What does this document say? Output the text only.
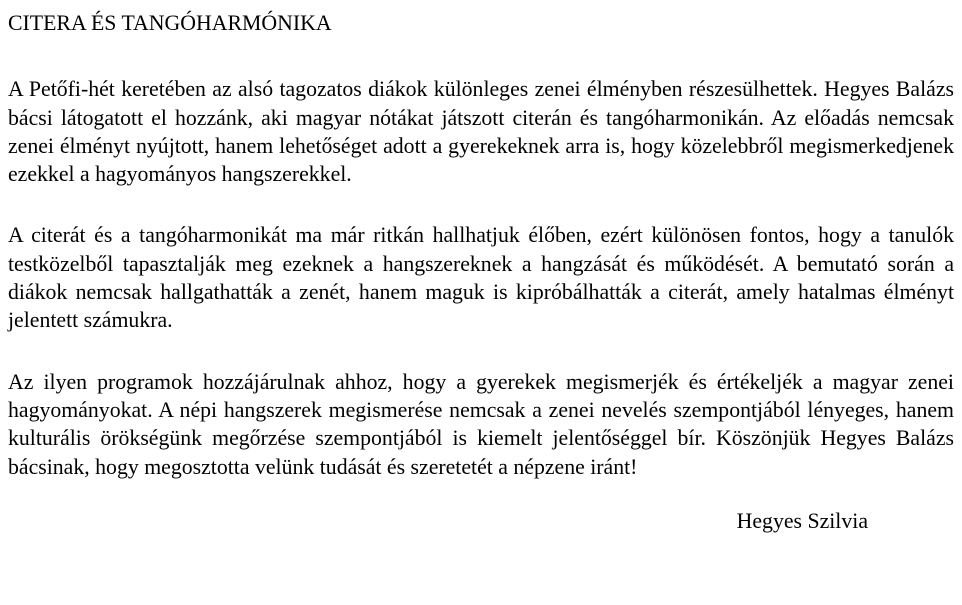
CITERA ÉS TANGÓHARMÓNIKA

A Petőfi-hét keretében az alsó tagozatos diákok különleges zenei élményben részesülhettek. Hegyes Balázs bácsi látogatott el hozzánk, aki magyar nótákat játszott citerán és tangóharmonikán. Az előadás nemcsak zenei élményt nyújtott, hanem lehetőséget adott a gyerekeknek arra is, hogy közelebbről megismerkedjenek ezekkel a hagyományos hangszerekkel.

A citerát és a tangóharmonikát ma már ritkán hallhatjuk élőben, ezért különösen fontos, hogy a tanulók testközelből tapasztalják meg ezeknek a hangszereknek a hangzását és működését. A bemutató során a diákok nemcsak hallgathatták a zenét, hanem maguk is kipróbálhatták a citerát, amely hatalmas élményt jelentett számukra.

Az ilyen programok hozzájárulnak ahhoz, hogy a gyerekek megismerjék és értékeljék a magyar zenei hagyományokat. A népi hangszerek megismerése nemcsak a zenei nevelés szempontjából lényeges, hanem kulturális örökségünk megőrzése szempontjából is kiemelt jelentőséggel bír. Köszönjük Hegyes Balázs bácsinak, hogy megosztotta velünk tudását és szeretetét a népzene iránt!

Hegyes Szilvia
